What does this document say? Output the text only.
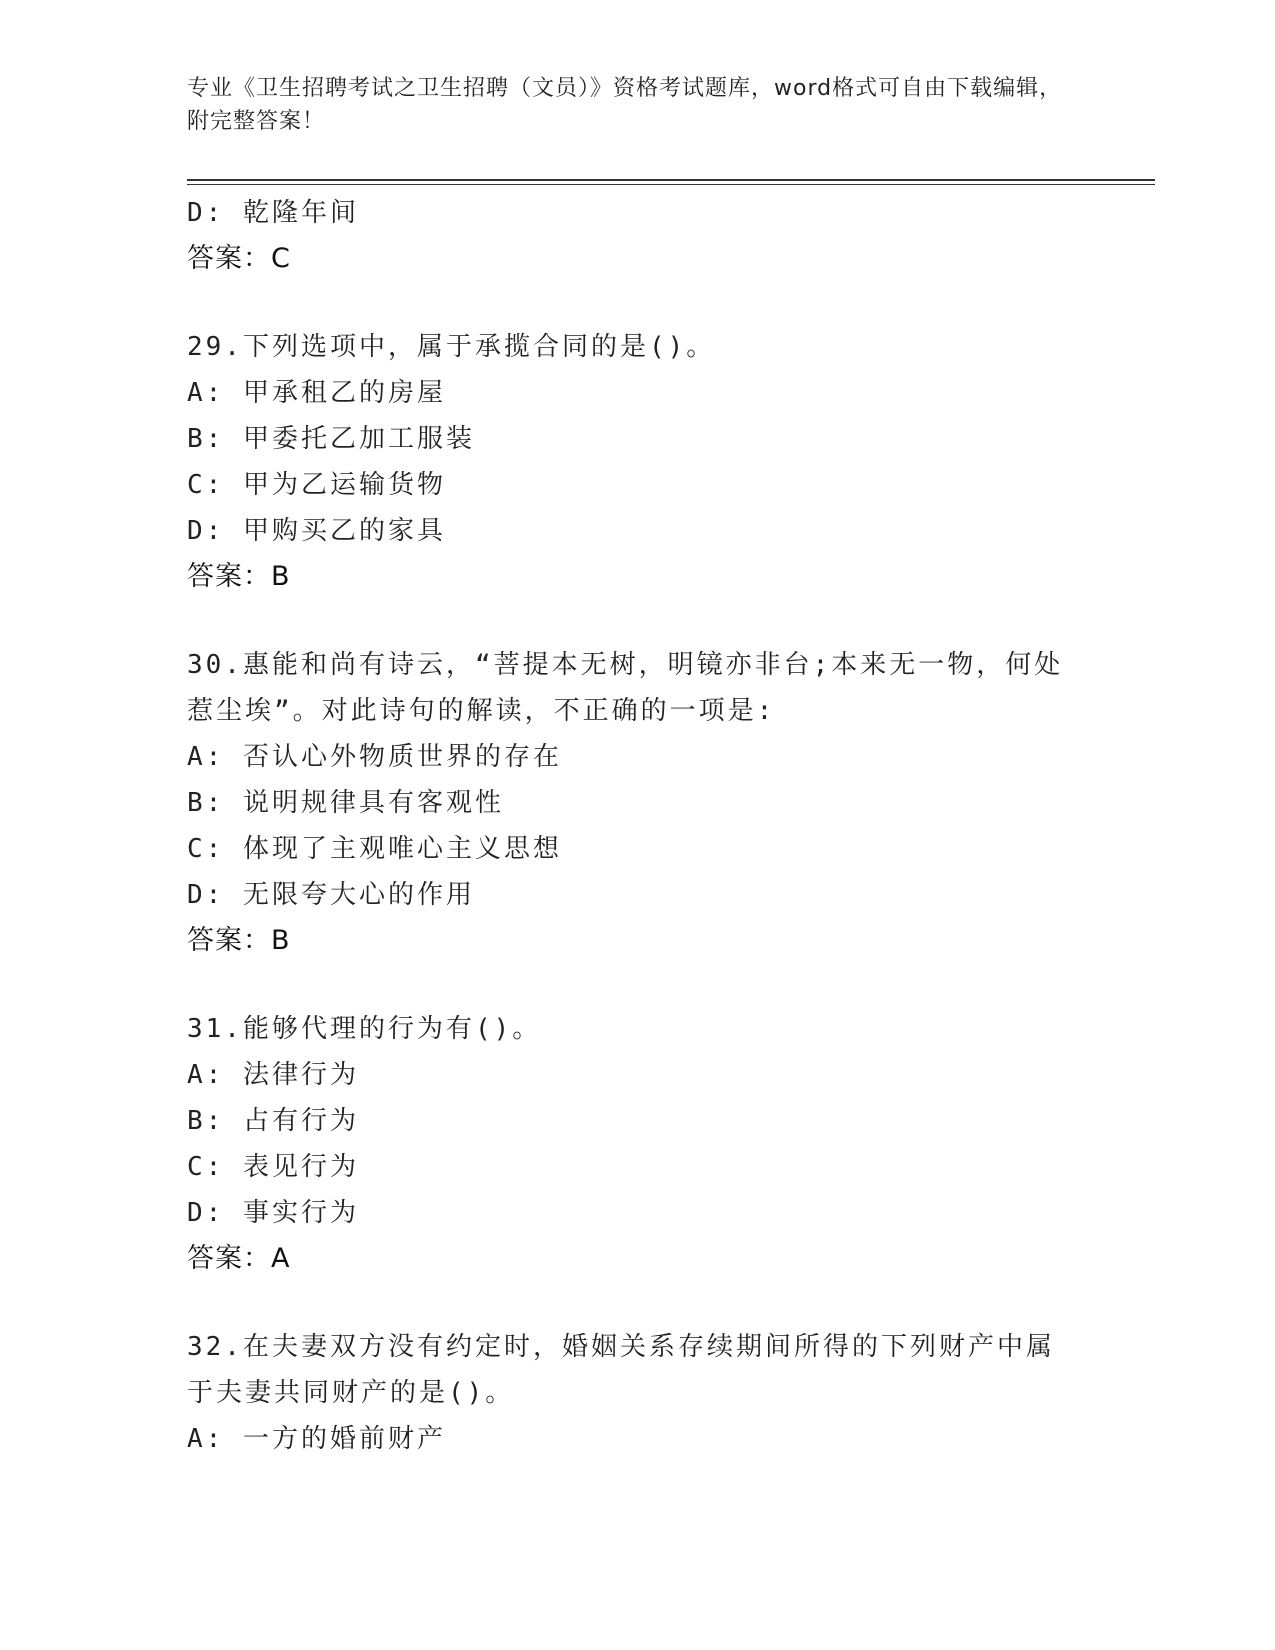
专业《卫生招聘考试之卫生招聘（文员）》资格考试题库，word格式可自由下载编辑，附完整答案！
D: 乾隆年间
答案：C
29.下列选项中，属于承揽合同的是()。
A: 甲承租乙的房屋
B: 甲委托乙加工服装
C: 甲为乙运输货物
D: 甲购买乙的家具
答案：B
30.惠能和尚有诗云，“菩提本无树，明镜亦非台;本来无一物，何处惹尘埃”。对此诗句的解读，不正确的一项是:
A: 否认心外物质世界的存在
B: 说明规律具有客观性
C: 体现了主观唯心主义思想
D: 无限夸大心的作用
答案：B
31.能够代理的行为有()。
A: 法律行为
B: 占有行为
C: 表见行为
D: 事实行为
答案：A
32.在夫妻双方没有约定时，婚姻关系存续期间所得的下列财产中属于夫妻共同财产的是()。
A: 一方的婚前财产
